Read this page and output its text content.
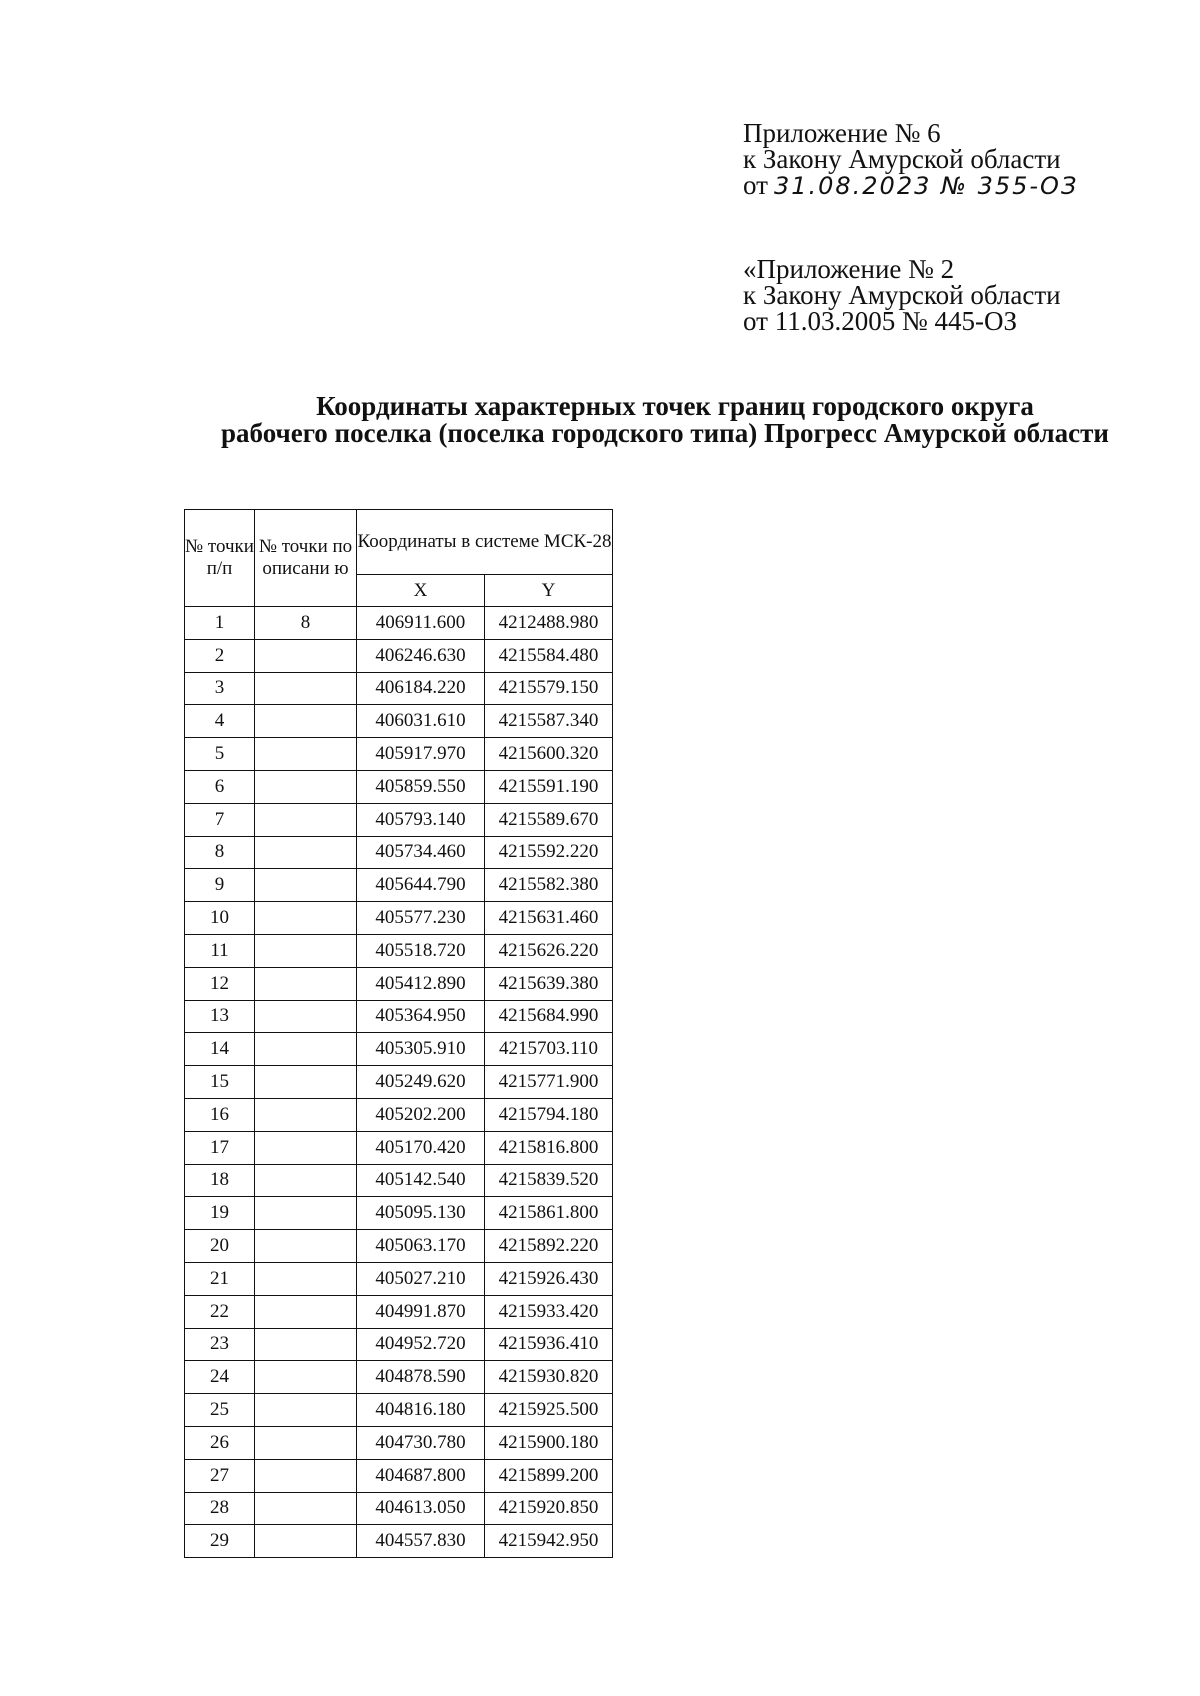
Приложение № 6
к Закону Амурской области
от 31.08.2023 № 355-ОЗ
«Приложение № 2
к Закону Амурской области
от 11.03.2005 № 445-ОЗ
Координаты характерных точек границ городского округа
рабочего поселка (поселка городского типа) Прогресс Амурской области
№ точки п/п	№ точки по описани ю	Координаты в системе МСК-28	
		X	Y
1	8	406911.600	4212488.980
2		406246.630	4215584.480
3		406184.220	4215579.150
4		406031.610	4215587.340
5		405917.970	4215600.320
6		405859.550	4215591.190
7		405793.140	4215589.670
8		405734.460	4215592.220
9		405644.790	4215582.380
10		405577.230	4215631.460
11		405518.720	4215626.220
12		405412.890	4215639.380
13		405364.950	4215684.990
14		405305.910	4215703.110
15		405249.620	4215771.900
16		405202.200	4215794.180
17		405170.420	4215816.800
18		405142.540	4215839.520
19		405095.130	4215861.800
20		405063.170	4215892.220
21		405027.210	4215926.430
22		404991.870	4215933.420
23		404952.720	4215936.410
24		404878.590	4215930.820
25		404816.180	4215925.500
26		404730.780	4215900.180
27		404687.800	4215899.200
28		404613.050	4215920.850
29		404557.830	4215942.950
